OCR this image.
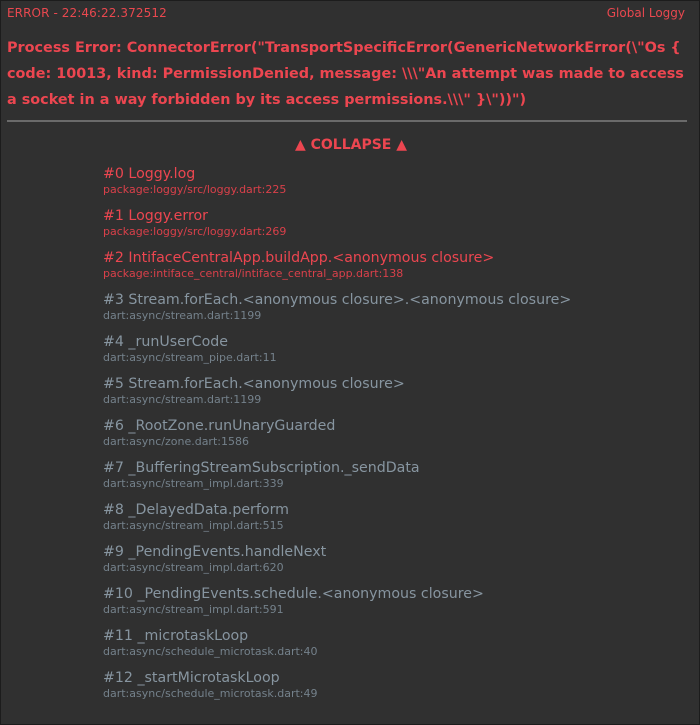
ERROR - 22:46:22.372512	Global Loggy
Process Error: ConnectorError("TransportSpecificError(GenericNetworkError(\"Os { code: 10013, kind: PermissionDenied, message: \\\"An attempt was made to access a socket in a way forbidden by its access permissions.\\\" }\"))")
▲ COLLAPSE ▲
#0 Loggy.log
package:loggy/src/loggy.dart:225
#1 Loggy.error
package:loggy/src/loggy.dart:269
#2 IntifaceCentralApp.buildApp.<anonymous closure>
package:intiface_central/intiface_central_app.dart:138
#3 Stream.forEach.<anonymous closure>.<anonymous closure>
dart:async/stream.dart:1199
#4 _runUserCode
dart:async/stream_pipe.dart:11
#5 Stream.forEach.<anonymous closure>
dart:async/stream.dart:1199
#6 _RootZone.runUnaryGuarded
dart:async/zone.dart:1586
#7 _BufferingStreamSubscription._sendData
dart:async/stream_impl.dart:339
#8 _DelayedData.perform
dart:async/stream_impl.dart:515
#9 _PendingEvents.handleNext
dart:async/stream_impl.dart:620
#10 _PendingEvents.schedule.<anonymous closure>
dart:async/stream_impl.dart:591
#11 _microtaskLoop
dart:async/schedule_microtask.dart:40
#12 _startMicrotaskLoop
dart:async/schedule_microtask.dart:49
